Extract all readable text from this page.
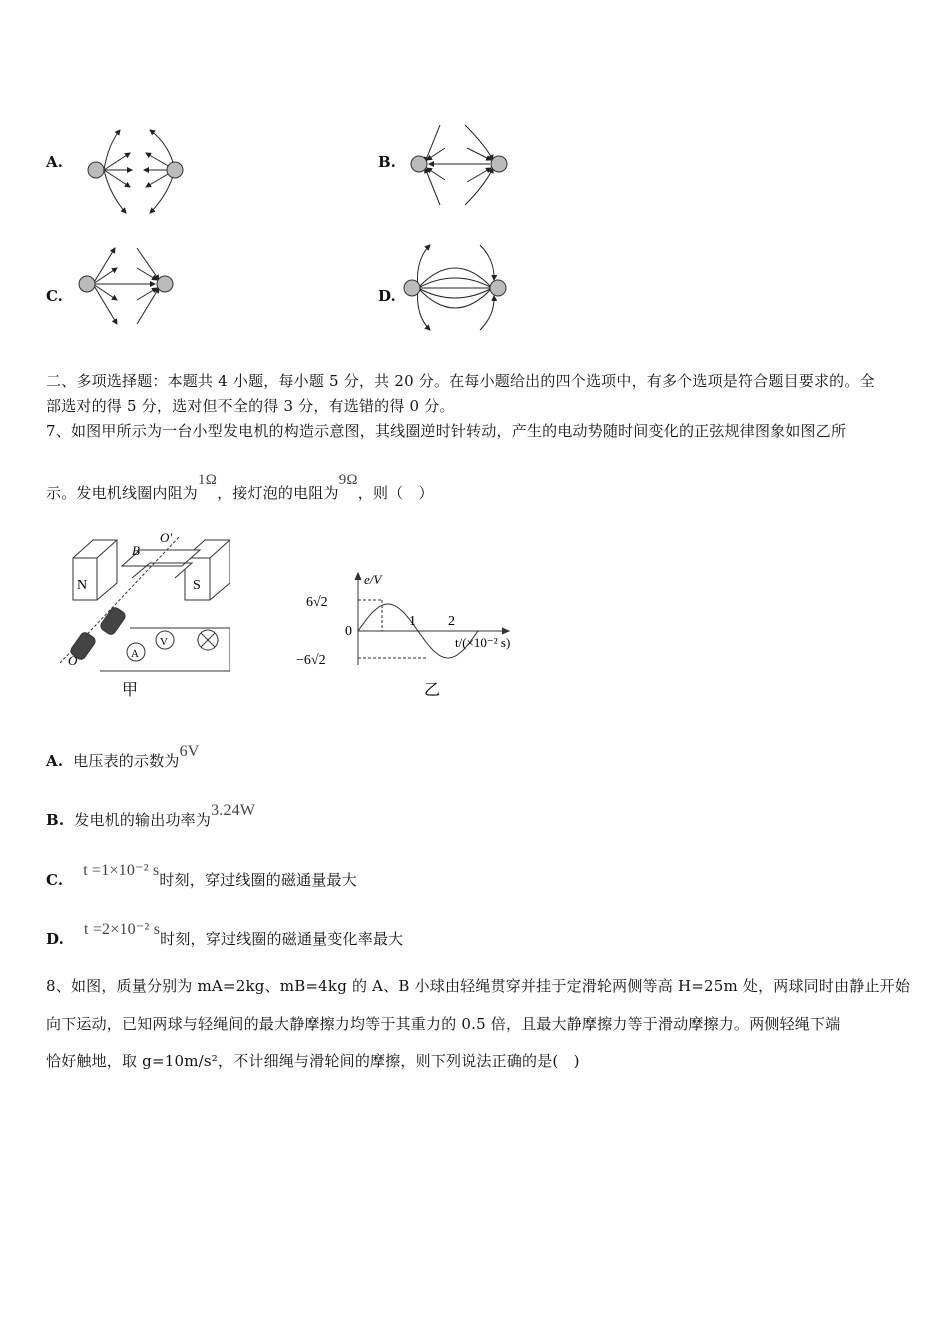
A.	B.
C.	D.
二、多项选择题：本题共 4 小题，每小题 5 分，共 20 分。在每小题给出的四个选项中，有多个选项是符合题目要求的。全
部选对的得 5 分，选对但不全的得 3 分，有选错的得 0 分。
7、如图甲所示为一台小型发电机的构造示意图，其线圈逆时针转动，产生的电动势随时间变化的正弦规律图象如图乙所
示。发电机线圈内阻为1Ω，接灯泡的电阻为9Ω，则（　）
N	S
B
O′
O
V
A
甲
e/V
6√2
0
−6√2
1 2
t/(×10⁻² s)
乙
A. 电压表的示数为6V
B. 发电机的输出功率为3.24W
C.    t =1×10⁻² s时刻，穿过线圈的磁通量最大
D.    t =2×10⁻² s时刻，穿过线圈的磁通量变化率最大
8、如图，质量分别为 mA=2kg、mB=4kg 的 A、B 小球由轻绳贯穿并挂于定滑轮两侧等高 H=25m 处，两球同时由静止开始
向下运动，已知两球与轻绳间的最大静摩擦力均等于其重力的 0.5 倍，且最大静摩擦力等于滑动摩擦力。两侧轻绳下端
恰好触地，取 g=10m/s²，不计细绳与滑轮间的摩擦，则下列说法正确的是(　)
